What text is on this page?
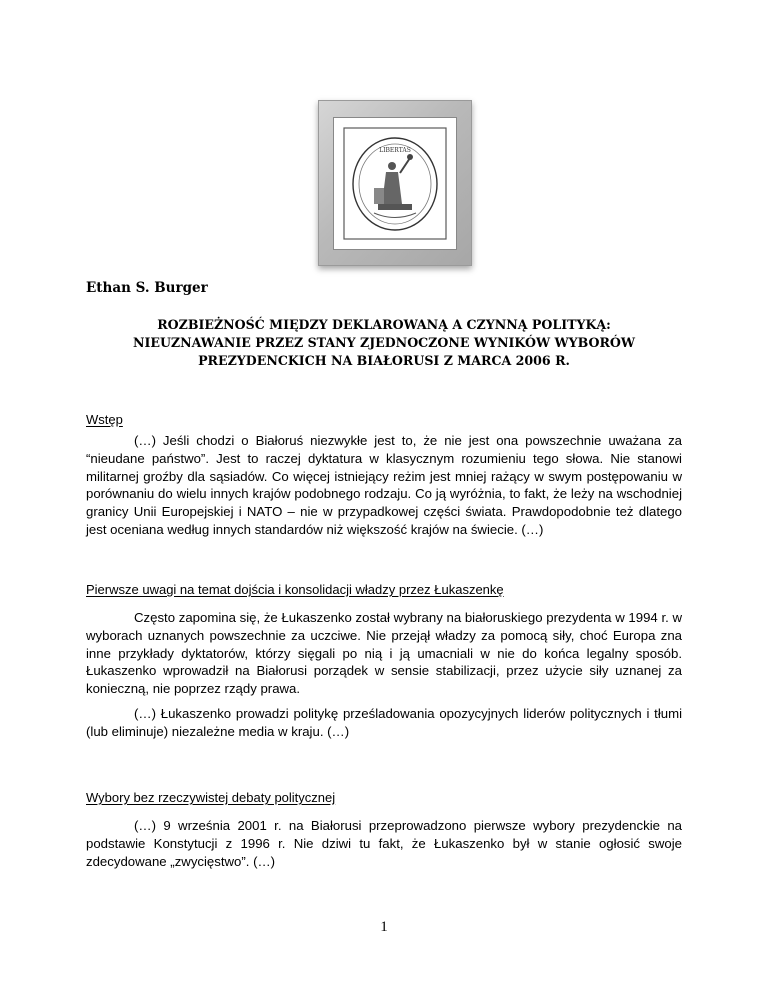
LIBERTAS
Ethan S. Burger
ROZBIEŻNOŚĆ MIĘDZY DEKLAROWANĄ A CZYNNĄ POLITYKĄ:
NIEUZNAWANIE PRZEZ STANY ZJEDNOCZONE WYNIKÓW WYBORÓW
PREZYDENCKICH NA BIAŁORUSI Z MARCA 2006 R.
Wstęp

(…) Jeśli chodzi o Białoruś niezwykłe jest to, że nie jest ona powszechnie uważana za “nieudane państwo”. Jest to raczej dyktatura w klasycznym rozumieniu tego słowa. Nie stanowi militarnej groźby dla sąsiadów. Co więcej istniejący reżim jest mniej rażący w swym postępowaniu w porównaniu do wielu innych krajów podobnego rodzaju. Co ją wyróżnia, to fakt, że leży na wschodniej granicy Unii Europejskiej i NATO – nie w przypadkowej części świata. Prawdopodobnie też dlatego jest oceniana według innych standardów niż większość krajów na świecie. (…)

Pierwsze uwagi na temat dojścia i konsolidacji władzy przez Łukaszenkę

Często zapomina się, że Łukaszenko został wybrany na białoruskiego prezydenta w 1994 r. w wyborach uznanych powszechnie za uczciwe. Nie przejął władzy za pomocą siły, choć Europa zna inne przykłady dyktatorów, którzy sięgali po nią i ją umacniali w nie do końca legalny sposób. Łukaszenko wprowadził na Białorusi porządek w sensie stabilizacji, przez użycie siły uznanej za konieczną, nie poprzez rządy prawa.

(…) Łukaszenko prowadzi politykę prześladowania opozycyjnych liderów politycznych i tłumi (lub eliminuje) niezależne media w kraju. (…)

Wybory bez rzeczywistej debaty politycznej

(…) 9 września 2001 r. na Białorusi przeprowadzono pierwsze wybory prezydenckie na podstawie Konstytucji z 1996 r. Nie dziwi tu fakt, że Łukaszenko był w stanie ogłosić swoje zdecydowane „zwycięstwo”. (…)

1
